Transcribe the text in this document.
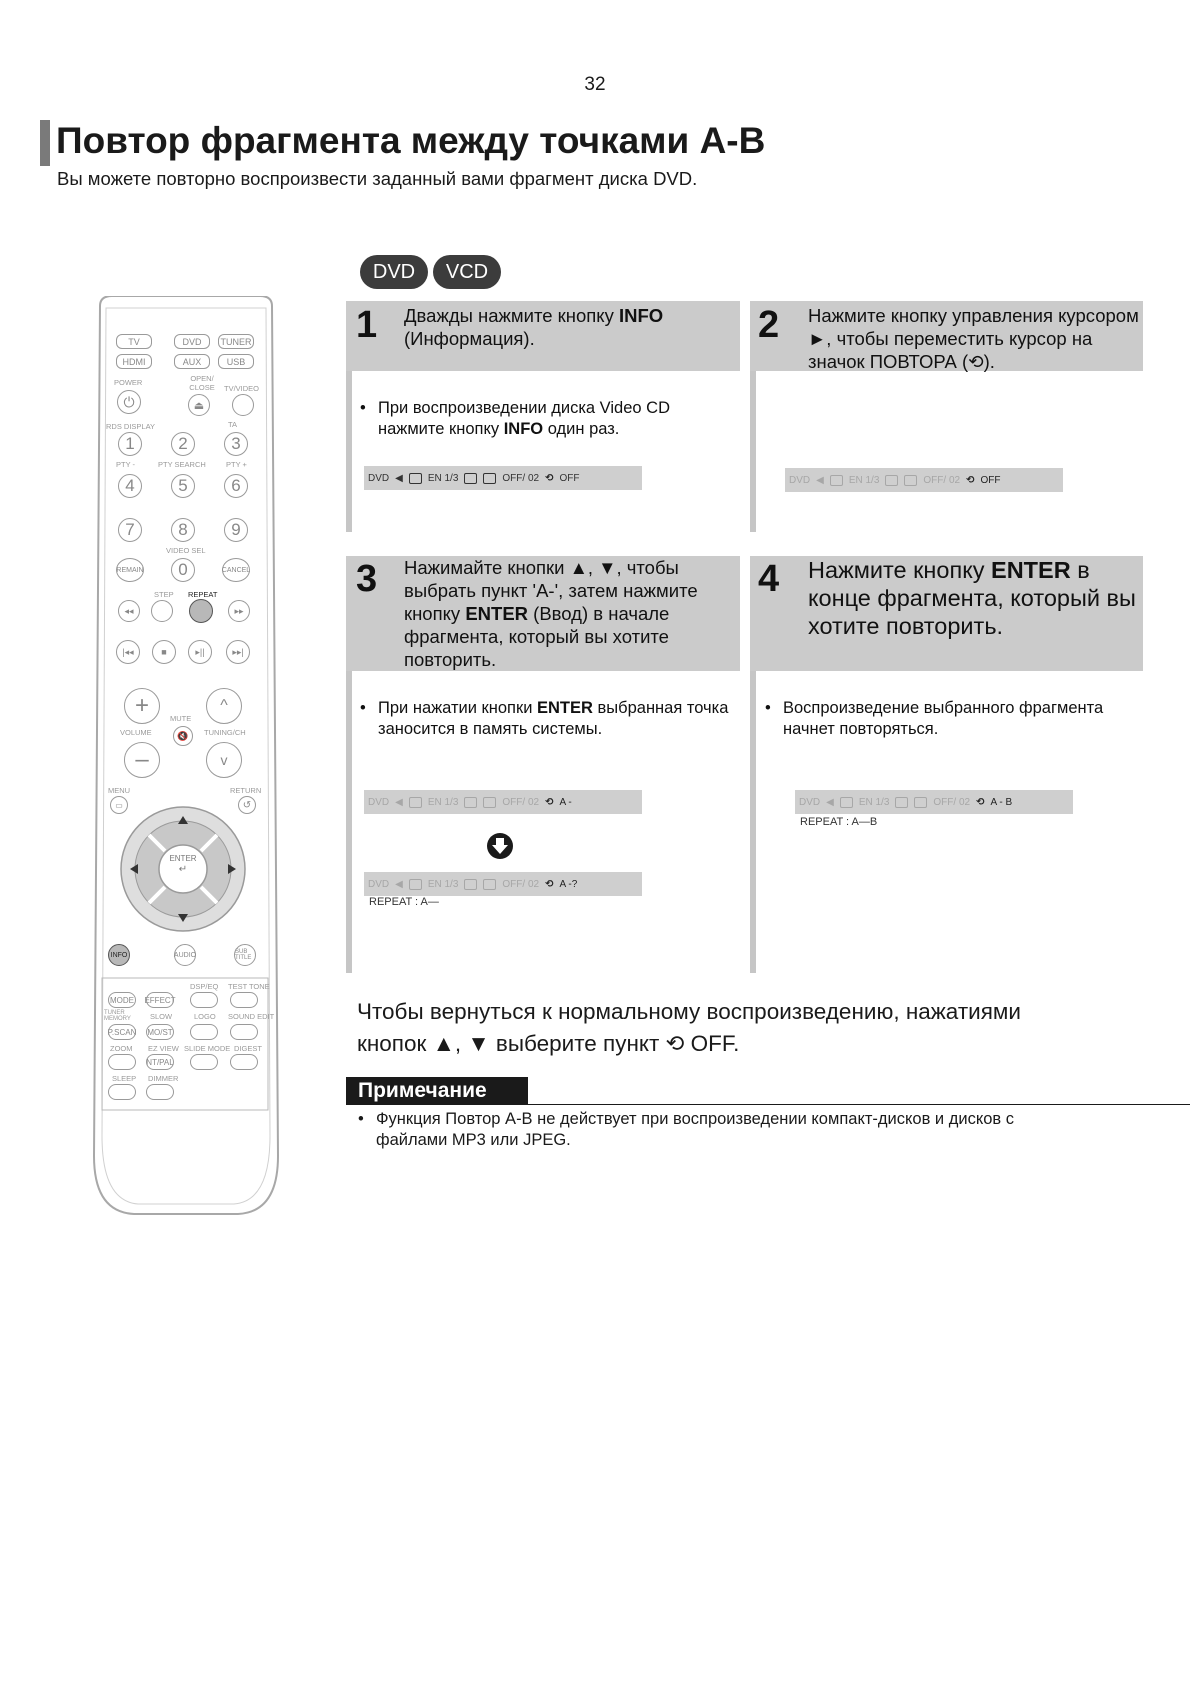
32
Повтор фрагмента между точками A-B
Вы можете повторно воспроизвести заданный вами фрагмент диска DVD.
DVD	VCD
TV	DVD	TUNER
HDMI	AUX	USB
POWER	OPEN/ CLOSE	TV/VIDEO
⏻	⏏
RDS DISPLAY	TA
1	2	3
PTY -	PTY SEARCH	PTY +
4	5	6
7	8	9
VIDEO SEL
REMAIN	0	CANCEL
STEP REPEAT
◂◂	▸▸
|◂◂	■	▸||	▸▸|
+	^
MUTE
🔇
VOLUME	TUNING/CH
–	v
MENU	RETURN
▭	↺
ENTER
↵
INFO	AUDIO	SUB TITLE
DSP/EQ TEST TONE
MODE EFFECT
TUNER MEMORY	SLOW	LOGO SOUND EDIT
P.SCAN MO/ST
ZOOM EZ VIEW SLIDE MODE DIGEST
NT/PAL
SLEEP DIMMER
1 Дважды нажмите кнопку INFO (Информация).
• При воспроизведении диска Video CD нажмите кнопку INFO один раз.
DVD ◀	EN 1/3	OFF/ 02 ⟲ OFF
2 Нажмите кнопку управления курсором ►, чтобы переместить курсор на значок ПОВТОРА (⟲).
DVD ◀	EN 1/3	OFF/ 02 ⟲ OFF
3 Нажимайте кнопки ▲, ▼, чтобы выбрать пункт 'A-', затем нажмите кнопку ENTER (Ввод) в начале фрагмента, который вы хотите повторить.
• При нажатии кнопки ENTER выбранная точка заносится в память системы.
DVD ◀	EN 1/3	OFF/ 02 ⟲ A -
DVD ◀	EN 1/3	OFF/ 02 ⟲ A -?
REPEAT : A—
4 Нажмите кнопку ENTER в конце фрагмента, который вы хотите повторить.
• Воспроизведение выбранного фрагмента начнет повторяться.
DVD ◀	EN 1/3	OFF/ 02 ⟲ A - B
REPEAT : A—B
Чтобы вернуться к нормальному воспроизведению, нажатиями
кнопок ▲, ▼ выберите пункт ⟲ OFF.
Примечание
• Функция Повтор A-B не действует при воспроизведении компакт-дисков и дисков с файлами MP3 или JPEG.
